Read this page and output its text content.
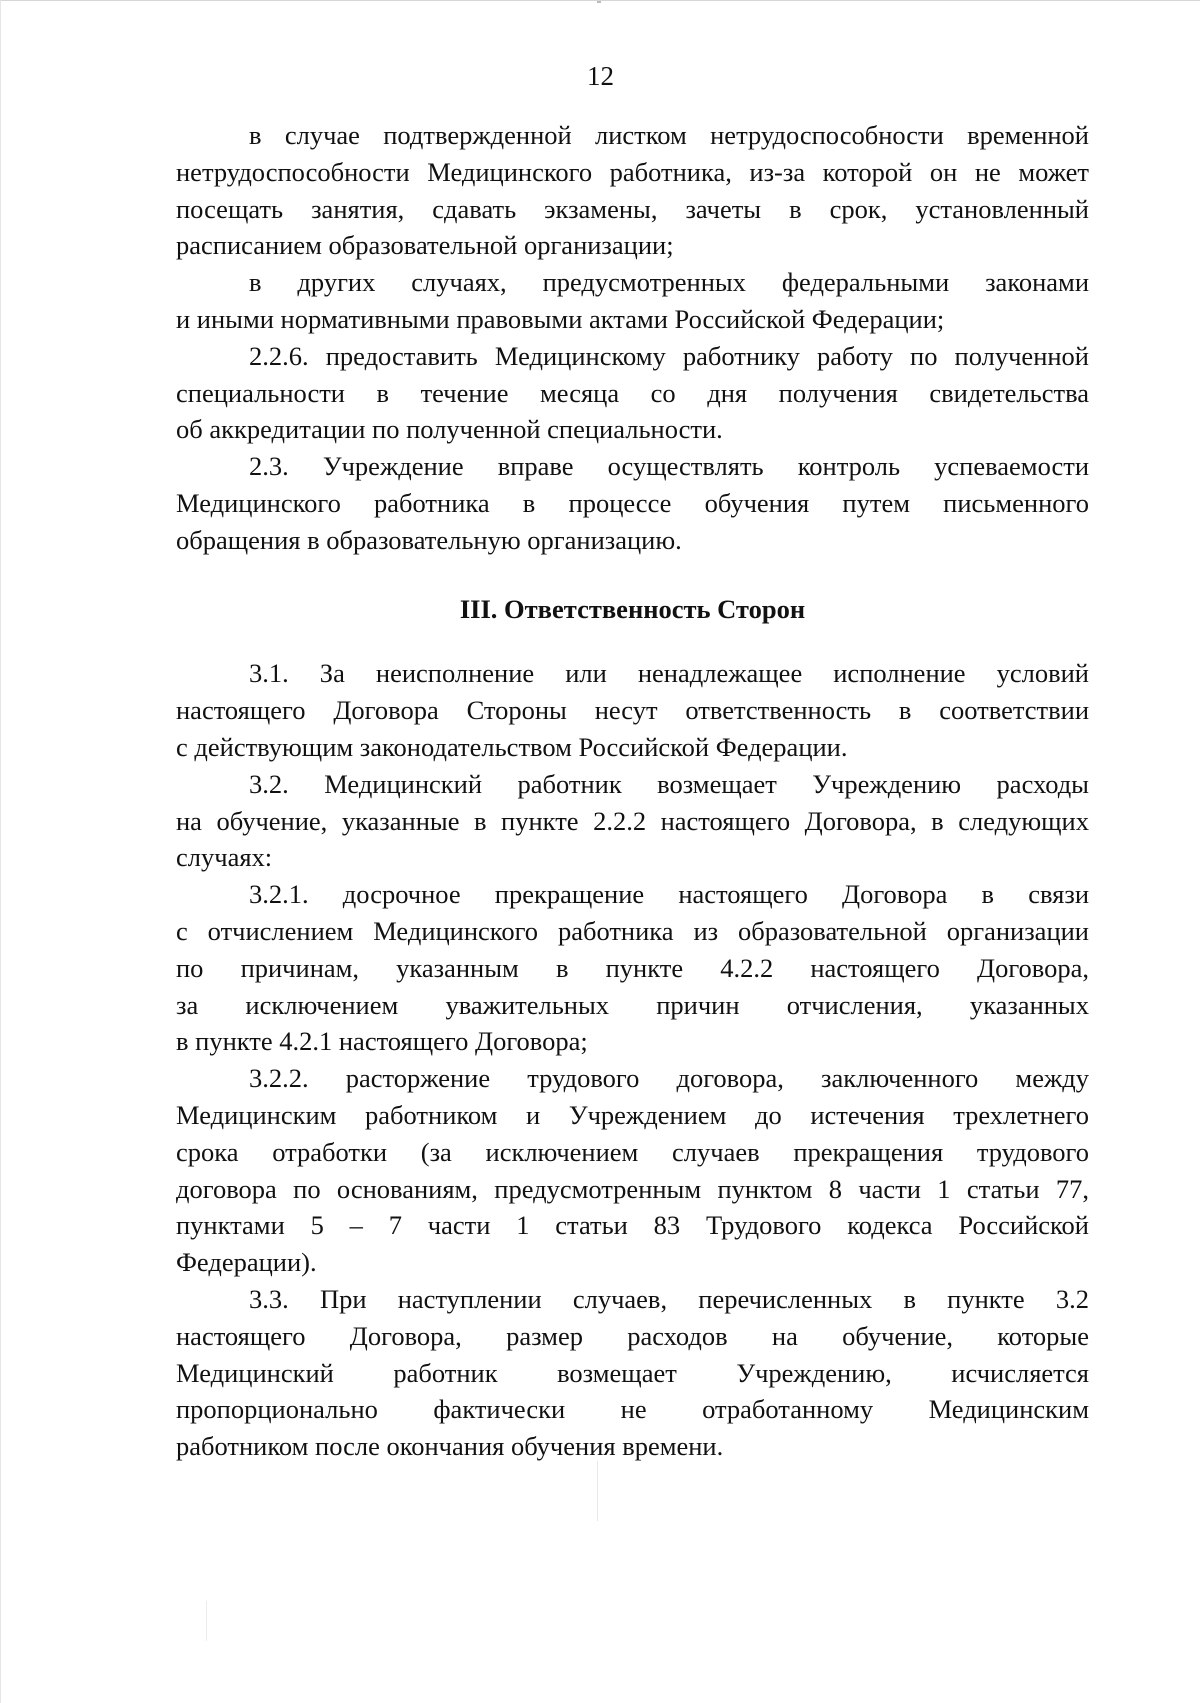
12

в случае подтвержденной листком нетрудоспособности временной
нетрудоспособности Медицинского работника, из-за которой он не может
посещать занятия, сдавать экзамены, зачеты в срок, установленный
расписанием образовательной организации;

в других случаях, предусмотренных федеральными законами
и иными нормативными правовыми актами Российской Федерации;

2.2.6. предоставить Медицинскому работнику работу по полученной
специальности в течение месяца со дня получения свидетельства
об аккредитации по полученной специальности.

2.3. Учреждение вправе осуществлять контроль успеваемости
Медицинского работника в процессе обучения путем письменного
обращения в образовательную организацию.

III. Ответственность Сторон

3.1. За неисполнение или ненадлежащее исполнение условий
настоящего Договора Стороны несут ответственность в соответствии
с действующим законодательством Российской Федерации.

3.2. Медицинский работник возмещает Учреждению расходы
на обучение, указанные в пункте 2.2.2 настоящего Договора, в следующих
случаях:

3.2.1. досрочное прекращение настоящего Договора в связи
с отчислением Медицинского работника из образовательной организации
по причинам, указанным в пункте 4.2.2 настоящего Договора,
за исключением уважительных причин отчисления, указанных
в пункте 4.2.1 настоящего Договора;

3.2.2. расторжение трудового договора, заключенного между
Медицинским работником и Учреждением до истечения трехлетнего
срока отработки (за исключением случаев прекращения трудового
договора по основаниям, предусмотренным пунктом 8 части 1 статьи 77,
пунктами 5 – 7 части 1 статьи 83 Трудового кодекса Российской
Федерации).

3.3. При наступлении случаев, перечисленных в пункте 3.2
настоящего Договора, размер расходов на обучение, которые
Медицинский работник возмещает Учреждению, исчисляется
пропорционально фактически не отработанному Медицинским
работником после окончания обучения времени.
